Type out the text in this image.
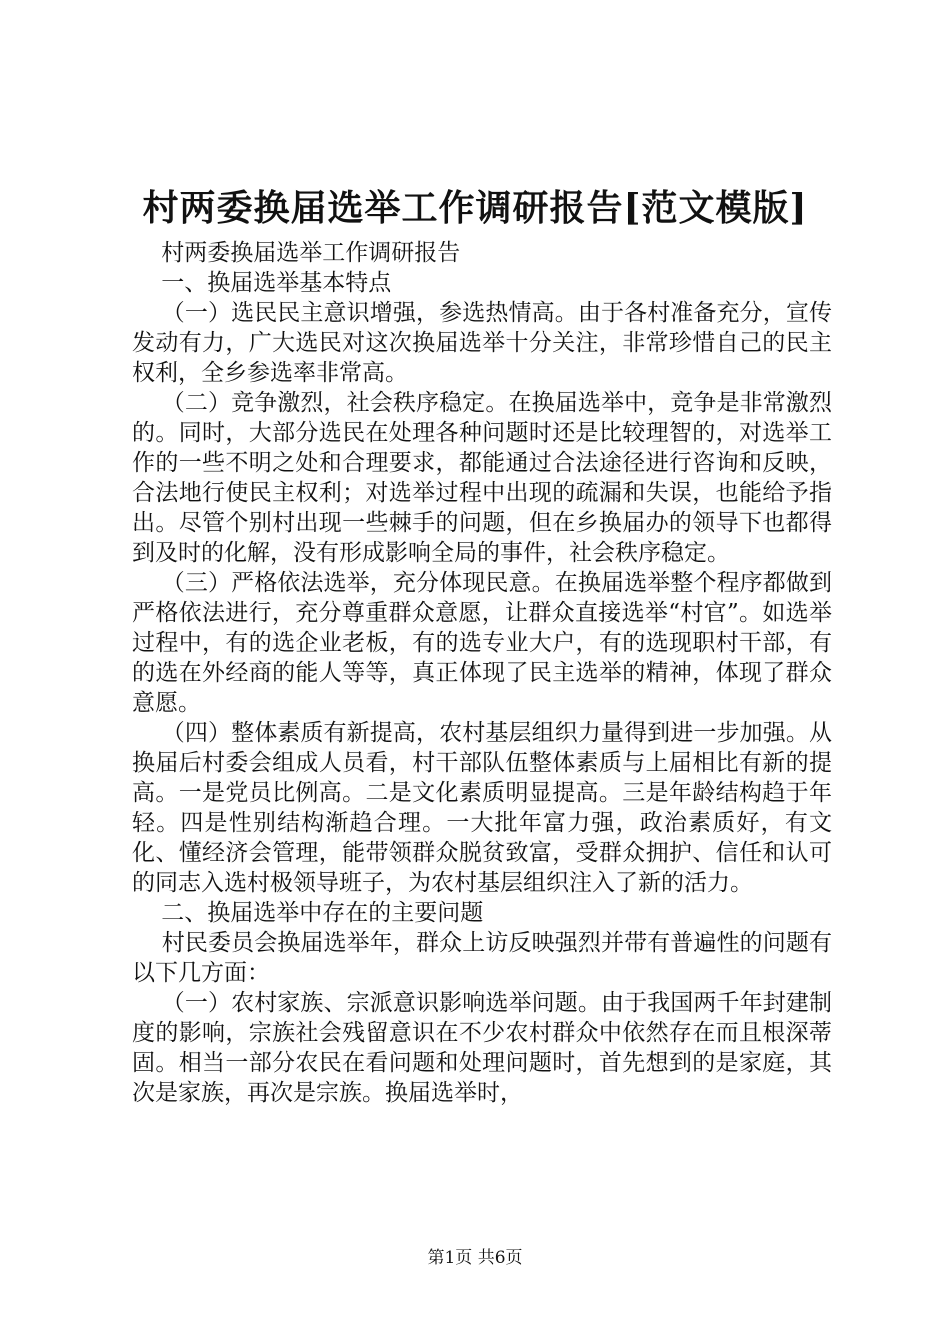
村两委换届选举工作调研报告[范文模版]

村两委换届选举工作调研报告

一、换届选举基本特点

（一）选民民主意识增强，参选热情高。由于各村准备充分，宣传发动有力，广大选民对这次换届选举十分关注，非常珍惜自己的民主权利，全乡参选率非常高。

（二）竞争激烈，社会秩序稳定。在换届选举中，竞争是非常激烈的。同时，大部分选民在处理各种问题时还是比较理智的，对选举工作的一些不明之处和合理要求，都能通过合法途径进行咨询和反映，合法地行使民主权利；对选举过程中出现的疏漏和失误，也能给予指出。尽管个别村出现一些棘手的问题，但在乡换届办的领导下也都得到及时的化解，没有形成影响全局的事件，社会秩序稳定。

（三）严格依法选举，充分体现民意。在换届选举整个程序都做到严格依法进行，充分尊重群众意愿，让群众直接选举“村官”。如选举过程中，有的选企业老板，有的选专业大户，有的选现职村干部，有的选在外经商的能人等等，真正体现了民主选举的精神，体现了群众意愿。

（四）整体素质有新提高，农村基层组织力量得到进一步加强。从换届后村委会组成人员看，村干部队伍整体素质与上届相比有新的提高。一是党员比例高。二是文化素质明显提高。三是年龄结构趋于年轻。四是性别结构渐趋合理。一大批年富力强，政治素质好，有文化、懂经济会管理，能带领群众脱贫致富，受群众拥护、信任和认可的同志入选村极领导班子，为农村基层组织注入了新的活力。

二、换届选举中存在的主要问题

村民委员会换届选举年，群众上访反映强烈并带有普遍性的问题有以下几方面：

（一）农村家族、宗派意识影响选举问题。由于我国两千年封建制度的影响，宗族社会残留意识在不少农村群众中依然存在而且根深蒂固。相当一部分农民在看问题和处理问题时，首先想到的是家庭，其次是家族，再次是宗族。换届选举时，

第1页 共6页
